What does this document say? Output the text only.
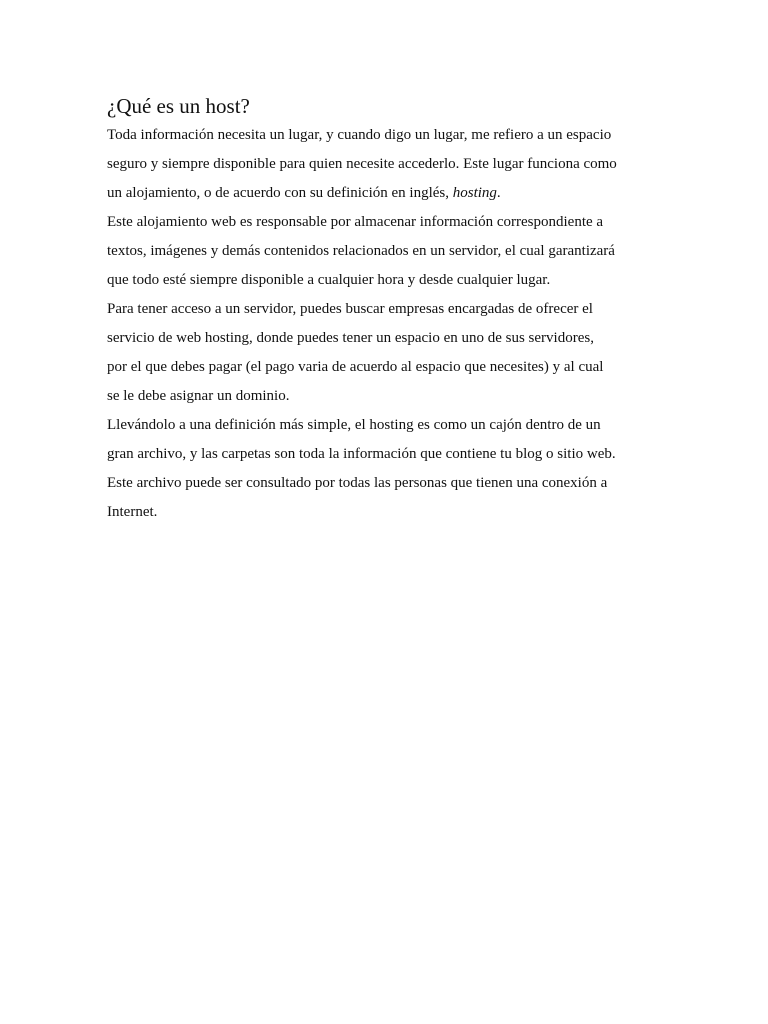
¿Qué es un host?

Toda información necesita un lugar, y cuando digo un lugar, me refiero a un espacio
seguro y siempre disponible para quien necesite accederlo. Este lugar funciona como
un alojamiento, o de acuerdo con su definición en inglés, hosting.

Este alojamiento web es responsable por almacenar información correspondiente a
textos, imágenes y demás contenidos relacionados en un servidor, el cual garantizará
que todo esté siempre disponible a cualquier hora y desde cualquier lugar.

Para tener acceso a un servidor, puedes buscar empresas encargadas de ofrecer el
servicio de web hosting, donde puedes tener un espacio en uno de sus servidores,
por el que debes pagar (el pago varia de acuerdo al espacio que necesites) y al cual
se le debe asignar un dominio.

Llevándolo a una definición más simple, el hosting es como un cajón dentro de un
gran archivo, y las carpetas son toda la información que contiene tu blog o sitio web.
Este archivo puede ser consultado por todas las personas que tienen una conexión a
Internet.
